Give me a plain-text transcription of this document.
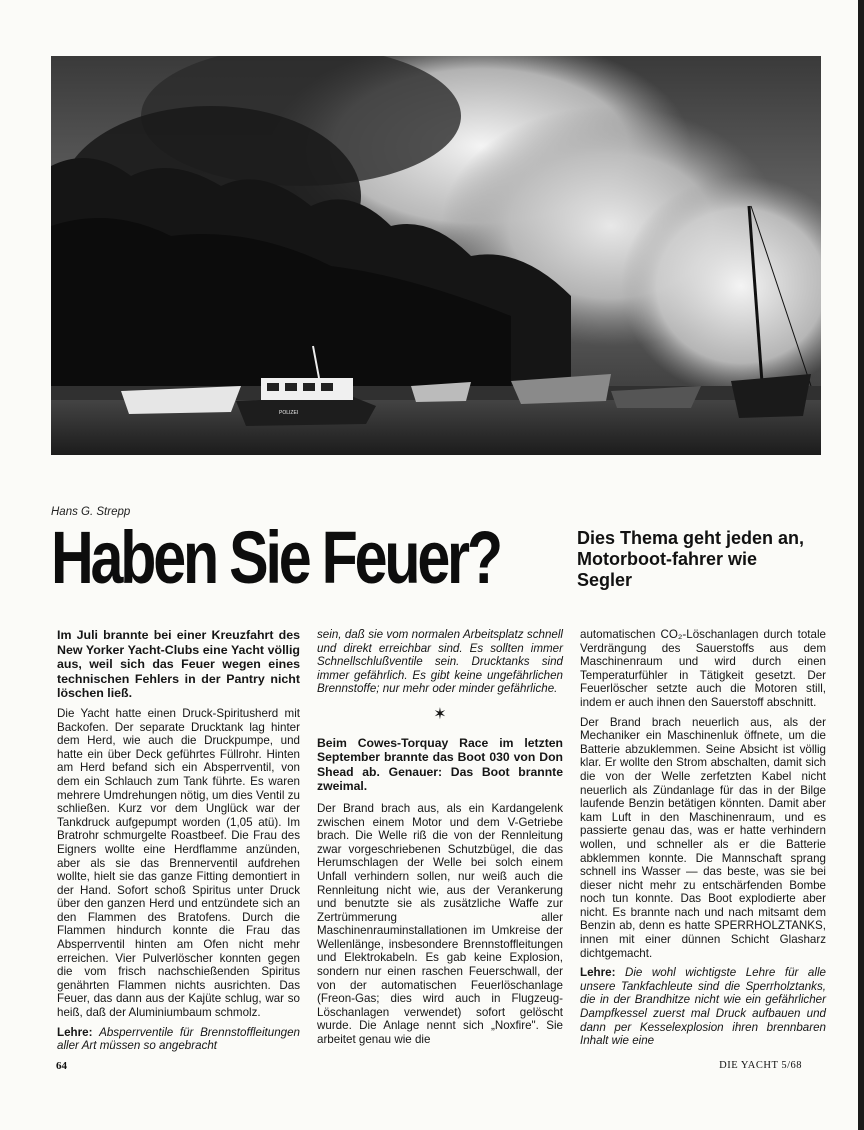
POLIZEI
Hans G. Strepp
Haben Sie Feuer?	Dies Thema geht jeden an, Motorboot-fahrer wie Segler

Im Juli brannte bei einer Kreuzfahrt des New Yorker Yacht-Clubs eine Yacht völlig aus, weil sich das Feuer wegen eines technischen Fehlers in der Pantry nicht löschen ließ.

Die Yacht hatte einen Druck-Spiritusherd mit Backofen. Der separate Drucktank lag hinter dem Herd, wie auch die Druckpumpe, und hatte ein über Deck geführtes Füllrohr. Hinten am Herd befand sich ein Absperrventil, von dem ein Schlauch zum Tank führte. Es waren mehrere Umdrehungen nötig, um dies Ventil zu schließen. Kurz vor dem Unglück war der Tankdruck aufgepumpt worden (1,05 atü). Im Bratrohr schmurgelte Roastbeef. Die Frau des Eigners wollte eine Herdflamme anzünden, aber als sie das Brennerventil aufdrehen wollte, hielt sie das ganze Fitting demontiert in der Hand. Sofort schoß Spiritus unter Druck über den ganzen Herd und entzündete sich an den Flammen des Bratofens. Durch die Flammen hindurch konnte die Frau das Absperrventil hinten am Ofen nicht mehr erreichen. Vier Pulverlöscher konnten gegen die vom frisch nachschießenden Spiritus genährten Flammen nichts ausrichten. Das Feuer, das dann aus der Kajüte schlug, war so heiß, daß der Aluminiumbaum schmolz.

Lehre: Absperrventile für Brennstoffleitungen aller Art müssen so angebracht

sein, daß sie vom normalen Arbeitsplatz schnell und direkt erreichbar sind. Es sollten immer Schnellschlußventile sein. Drucktanks sind immer gefährlich. Es gibt keine ungefährlichen Brennstoffe; nur mehr oder minder gefährliche.

✶

Beim Cowes-Torquay Race im letzten September brannte das Boot 030 von Don Shead ab. Genauer: Das Boot brannte zweimal.

Der Brand brach aus, als ein Kardangelenk zwischen einem Motor und dem V-Getriebe brach. Die Welle riß die von der Rennleitung zwar vorgeschriebenen Schutzbügel, die das Herumschlagen der Welle bei solch einem Unfall verhindern sollen, nur weiß auch die Rennleitung nicht wie, aus der Verankerung und benutzte sie als zusätzliche Waffe zur Zertrümmerung aller Maschinenrauminstallationen im Umkreise der Wellenlänge, insbesondere Brennstoffleitungen und Elektrokabeln. Es gab keine Explosion, sondern nur einen raschen Feuerschwall, der von der automatischen Feuerlöschanlage (Freon-Gas; dies wird auch in Flugzeug-Löschanlagen verwendet) sofort gelöscht wurde. Die Anlage nennt sich „Noxfire". Sie arbeitet genau wie die

automatischen CO₂-Löschanlagen durch totale Verdrängung des Sauerstoffs aus dem Maschinenraum und wird durch einen Temperaturfühler in Tätigkeit gesetzt. Der Feuerlöscher setzte auch die Motoren still, indem er auch ihnen den Sauerstoff abschnitt.

Der Brand brach neuerlich aus, als der Mechaniker ein Maschinenluk öffnete, um die Batterie abzuklemmen. Seine Absicht ist völlig klar. Er wollte den Strom abschalten, damit sich die von der Welle zerfetzten Kabel nicht neuerlich als Zündanlage für das in der Bilge laufende Benzin betätigen könnten. Damit aber kam Luft in den Maschinenraum, und es passierte genau das, was er hatte verhindern wollen, und schneller als er die Batterie abklemmen konnte. Die Mannschaft sprang schnell ins Wasser — das beste, was sie bei dieser nicht mehr zu entschärfenden Bombe noch tun konnte. Das Boot explodierte aber nicht. Es brannte nach und nach mitsamt dem Benzin ab, denn es hatte SPERRHOLZTANKS, innen mit einer dünnen Schicht Glasharz dichtgemacht.

Lehre: Die wohl wichtigste Lehre für alle unsere Tankfachleute sind die Sperrholztanks, die in der Brandhitze nicht wie ein gefährlicher Dampfkessel zuerst mal Druck aufbauen und dann per Kesselexplosion ihren brennbaren Inhalt wie eine

64	DIE YACHT 5/68
